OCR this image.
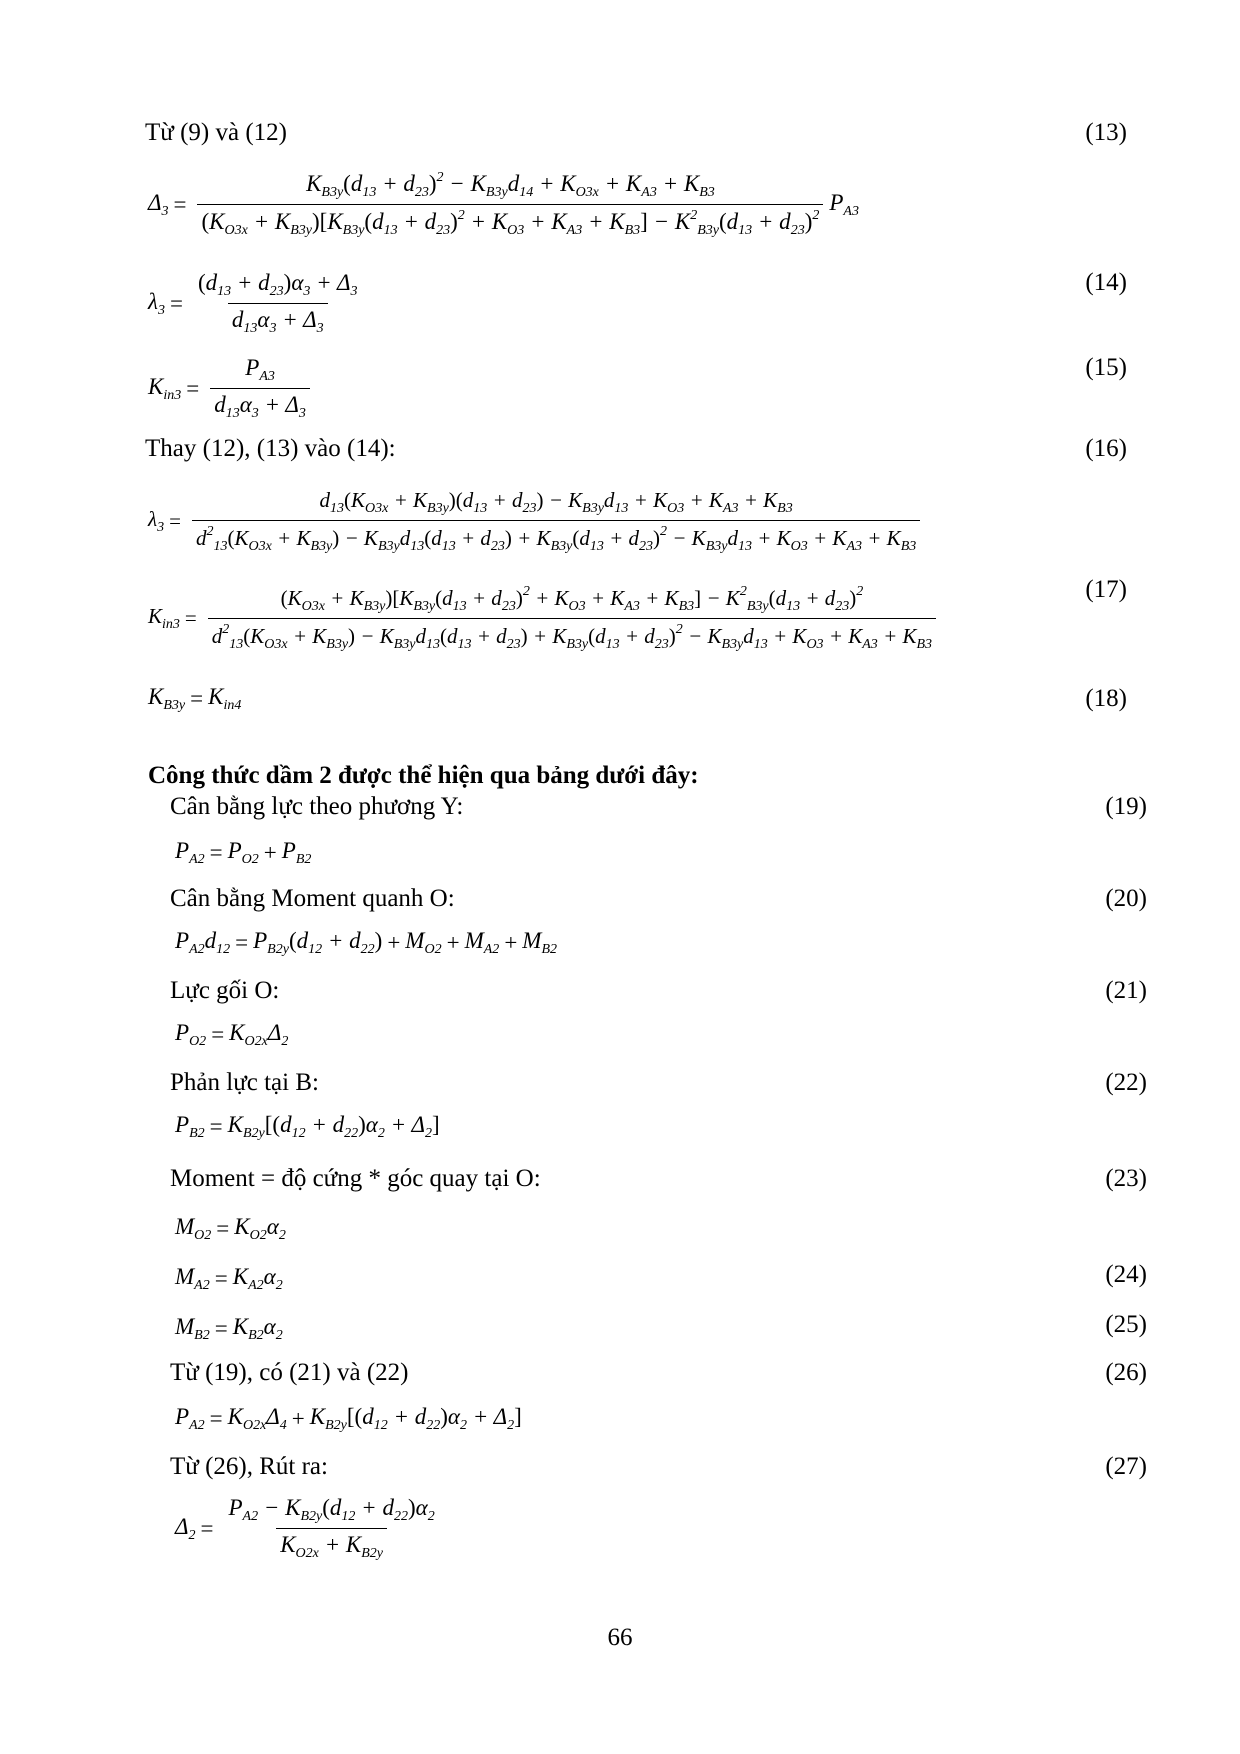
Từ (9) và (12)	(13)
$\Delta_3$ =
$K_{B3y}(d_{13} + d_{23})^2 - K_{B3y}d_{14} + K_{O3x} + K_{A3} + K_{B3}$
$(K_{O3x} + K_{B3y})[K_{B3y}(d_{13} + d_{23})^2 + K_{O3} + K_{A3} + K_{B3}] - K^2_{B3y}(d_{13} + d_{23})^2$
$P_{A3}$
$\lambda_3 = \frac{(d_{13} + d_{23})\alpha_3 + \Delta_3}{d_{13}\alpha_3 + \Delta_3}$	(14)
$K_{in3} = \frac{P_{A3}}{d_{13}\alpha_3 + \Delta_3}$	(15)
Thay (12), (13) vào (14):	(16)
$\lambda_3$ =
$d_{13}(K_{O3x} + K_{B3y})(d_{13} + d_{23}) - K_{B3y}d_{13} + K_{O3} + K_{A3} + K_{B3}$
$d^2_{13}(K_{O3x} + K_{B3y}) - K_{B3y}d_{13}(d_{13} + d_{23}) + K_{B3y}(d_{13} + d_{23})^2 - K_{B3y}d_{13} + K_{O3} + K_{A3} + K_{B3}$
$K_{in3}$ =
$(K_{O3x} + K_{B3y})[K_{B3y}(d_{13} + d_{23})^2 + K_{O3} + K_{A3} + K_{B3}] - K^2_{B3y}(d_{13} + d_{23})^2$
$d^2_{13}(K_{O3x} + K_{B3y}) - K_{B3y}d_{13}(d_{13} + d_{23}) + K_{B3y}(d_{13} + d_{23})^2 - K_{B3y}d_{13} + K_{O3} + K_{A3} + K_{B3}$
(17)
$K_{B3y} = K_{in4}$	(18)
Công thức dầm 2 được thể hiện qua bảng dưới đây:
Cân bằng lực theo phương Y:	(19)
$P_{A2} = P_{O2} + P_{B2}$
Cân bằng Moment quanh O:	(20)
$P_{A2}d_{12} = P_{B2y}(d_{12} + d_{22}) + M_{O2} + M_{A2} + M_{B2}$
Lực gối O:	(21)
$P_{O2} = K_{O2x}\Delta_2$
Phản lực tại B:	(22)
$P_{B2} = K_{B2y}[(d_{12} + d_{22})\alpha_2 + \Delta_2]$
Moment = độ cứng * góc quay tại O:	(23)
$M_{O2} = K_{O2}\alpha_2$
$M_{A2} = K_{A2}\alpha_2$	(24)
$M_{B2} = K_{B2}\alpha_2$	(25)
Từ (19), có (21) và (22)	(26)
$P_{A2} = K_{O2x}\Delta_4 + K_{B2y}[(d_{12} + d_{22})\alpha_2 + \Delta_2]$
Từ (26), Rút ra:	(27)
$\Delta_2 = \frac{P_{A2} - K_{B2y}(d_{12} + d_{22})\alpha_2}{K_{O2x} + K_{B2y}}$
66
